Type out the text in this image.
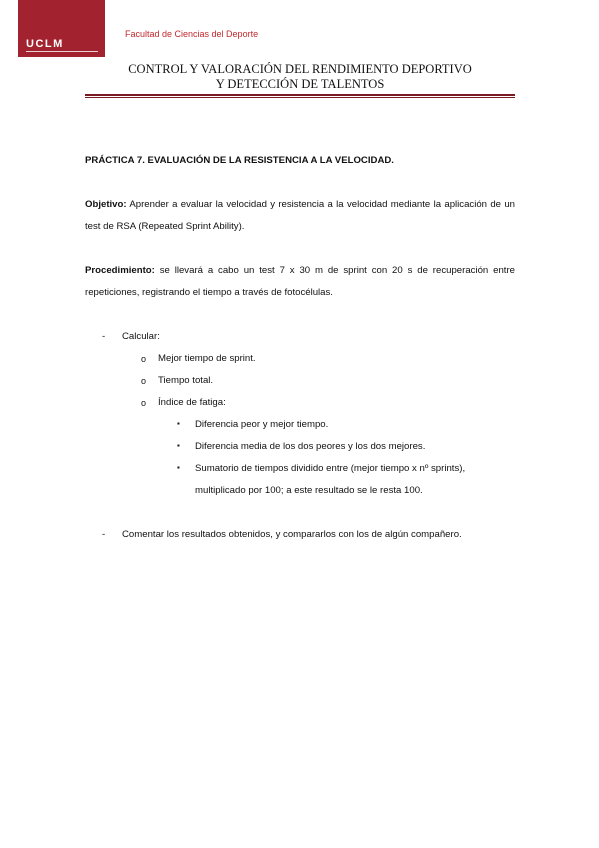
UCLM
Facultad de Ciencias del Deporte
CONTROL Y VALORACIÓN DEL RENDIMIENTO DEPORTIVO
Y DETECCIÓN DE TALENTOS

PRÁCTICA 7. EVALUACIÓN DE LA RESISTENCIA A LA VELOCIDAD.

Objetivo: Aprender a evaluar la velocidad y resistencia a la velocidad mediante la aplicación de un test de RSA (Repeated Sprint Ability).

Procedimiento: se llevará a cabo un test 7 x 30 m de sprint con 20 s de recuperación entre repeticiones, registrando el tiempo a través de fotocélulas.

- Calcular:
o Mejor tiempo de sprint.
o Tiempo total.
o Índice de fatiga:
▪ Diferencia peor y mejor tiempo.
▪ Diferencia media de los dos peores y los dos mejores.
▪ Sumatorio de tiempos dividido entre (mejor tiempo x nº sprints),
multiplicado por 100; a este resultado se le resta 100.
- Comentar los resultados obtenidos, y compararlos con los de algún compañero.
